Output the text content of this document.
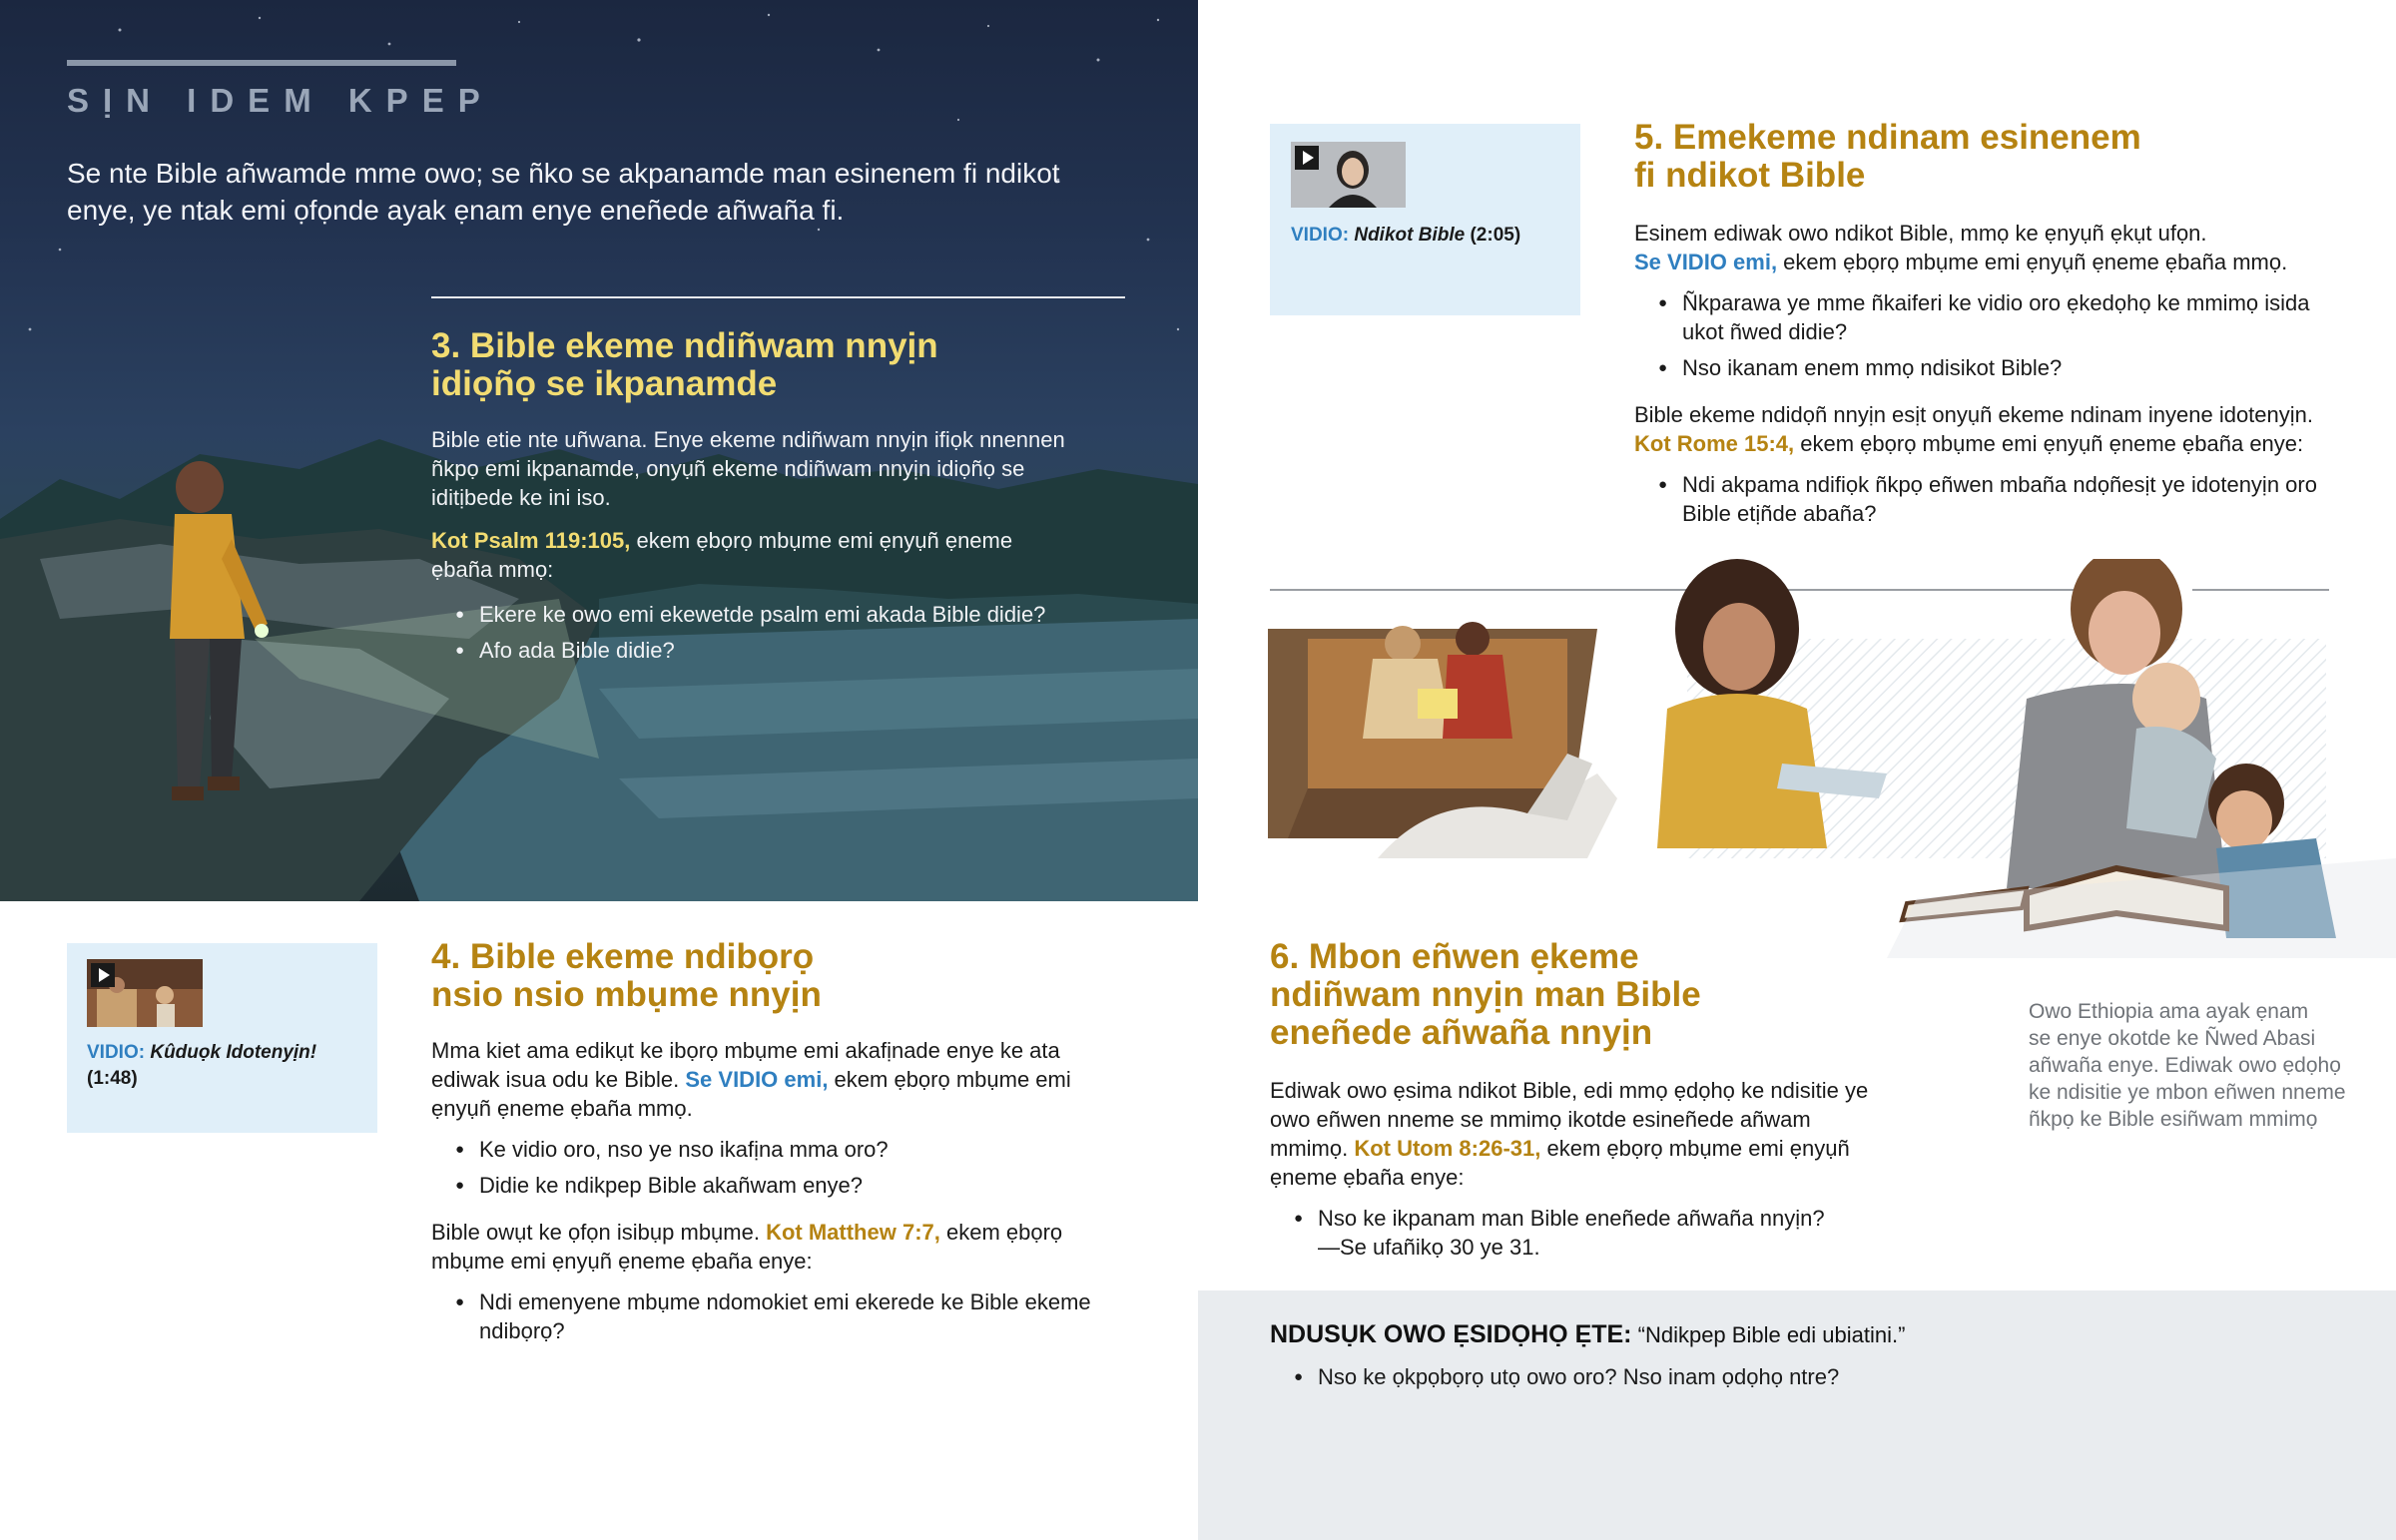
SỊN IDEM KPEP
Se nte Bible añwamde mme owo; se ñko se akpanamde man esinenem fi ndikot enye, ye ntak emi ọfọnde ayak ẹnam enye eneñede añwaña fi.
3. Bible ekeme ndiñwam nnyịn
idiọñọ se ikpanamde
Bible etie nte uñwana. Enye ekeme ndiñwam nnyịn ifiọk nnennen ñkpọ emi ikpanamde, onyụñ ekeme ndiñwam nnyịn idiọñọ se iditịbede ke ini iso.
Kot Psalm 119:105, ekem ẹbọrọ mbụme emi ẹnyụñ ẹneme ẹbaña mmọ:
● Ekere ke owo emi ekewetde psalm emi akada Bible didie?
● Afo ada Bible didie?
VIDIO: Kûduọk Idotenyịn!
(1:48)
4. Bible ekeme ndibọrọ
nsio nsio mbụme nnyịn
Mma kiet ama edikụt ke ibọrọ mbụme emi akafịnade enye ke ata ediwak isua odu ke Bible. Se VIDIO emi, ekem ẹbọrọ mbụme emi ẹnyụñ ẹneme ẹbaña mmọ.
● Ke vidio oro, nso ye nso ikafịna mma oro?
● Didie ke ndikpep Bible akañwam enye?
Bible owụt ke ọfọn isibụp mbụme. Kot Matthew 7:7, ekem ẹbọrọ mbụme emi ẹnyụñ ẹneme ẹbaña enye:
● Ndi emenyene mbụme ndomokiet emi ekerede ke Bible ekeme ndibọrọ?
VIDIO: Ndikot Bible (2:05)
5. Emekeme ndinam esinenem
fi ndikot Bible
Esinem ediwak owo ndikot Bible, mmọ ke ẹnyụñ ẹkụt ufọn.
Se VIDIO emi, ekem ẹbọrọ mbụme emi ẹnyụñ ẹneme ẹbaña mmọ.
● Ñkparawa ye mme ñkaiferi ke vidio oro ẹkedọhọ ke mmimọ isida ukot ñwed didie?
● Nso ikanam enem mmọ ndisikot Bible?
Bible ekeme ndidọñ nnyịn esịt onyụñ ekeme ndinam inyene idotenyịn.
Kot Rome 15:4, ekem ẹbọrọ mbụme emi ẹnyụñ ẹneme ẹbaña enye:
● Ndi akpama ndifiọk ñkpọ eñwen mbaña ndọñesịt ye idotenyịn oro Bible etịñde abaña?
6. Mbon eñwen ẹkeme
ndiñwam nnyịn man Bible
eneñede añwaña nnyịn
Ediwak owo ẹsima ndikot Bible, edi mmọ ẹdọhọ ke ndisitie ye owo eñwen nneme se mmimọ ikotde esineñede añwam mmimọ. Kot Utom 8:26-31, ekem ẹbọrọ mbụme emi ẹnyụñ ẹneme ẹbaña enye:
● Nso ke ikpanam man Bible eneñede añwaña nnyịn?
—Se ufañikọ 30 ye 31.
Owo Ethiopia ama ayak ẹnam
se enye okotde ke Ñwed Abasi
añwaña enye. Ediwak owo ẹdọhọ
ke ndisitie ye mbon eñwen nneme
ñkpọ ke Bible esiñwam mmimọ
NDUSỤK OWO ẸSIDỌHỌ ẸTE: “Ndikpep Bible edi ubiatini.”
● Nso ke ọkpọbọrọ utọ owo oro? Nso inam ọdọhọ ntre?
